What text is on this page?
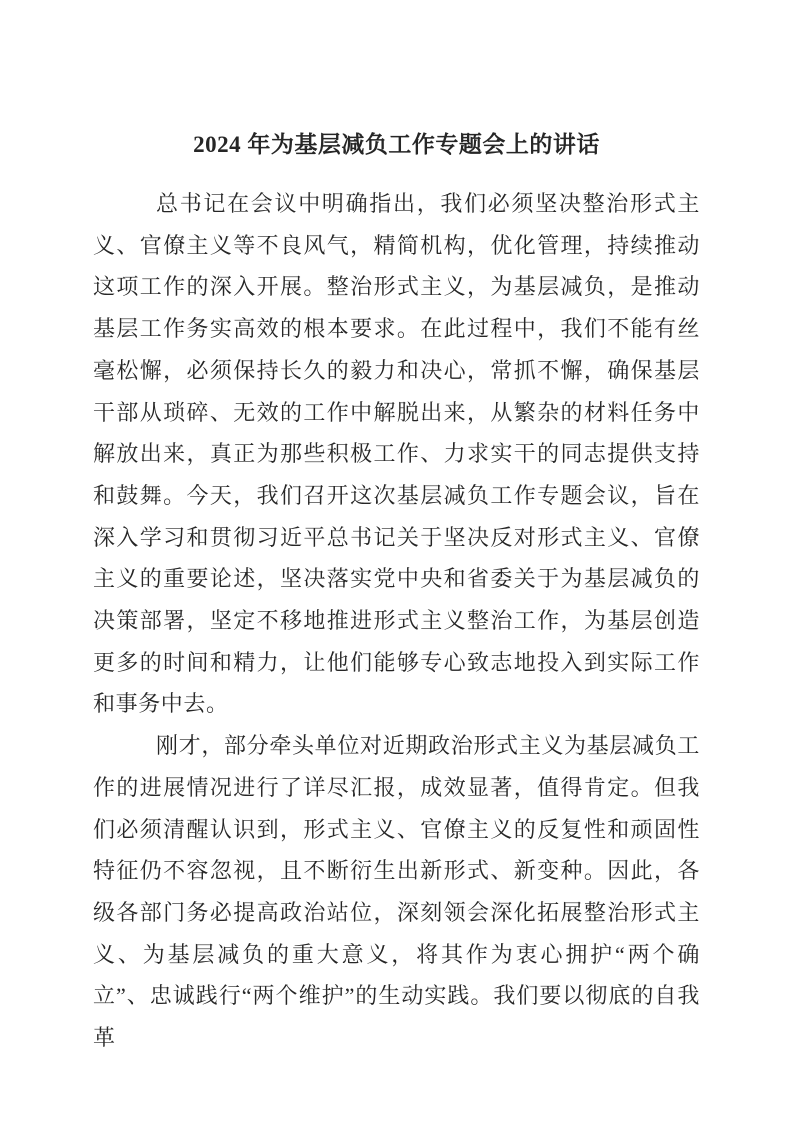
2024 年为基层减负工作专题会上的讲话

总书记在会议中明确指出，我们必须坚决整治形式主义、官僚主义等不良风气，精简机构，优化管理，持续推动这项工作的深入开展。整治形式主义，为基层减负，是推动基层工作务实高效的根本要求。在此过程中，我们不能有丝毫松懈，必须保持长久的毅力和决心，常抓不懈，确保基层干部从琐碎、无效的工作中解脱出来，从繁杂的材料任务中解放出来，真正为那些积极工作、力求实干的同志提供支持和鼓舞。今天，我们召开这次基层减负工作专题会议，旨在深入学习和贯彻习近平总书记关于坚决反对形式主义、官僚主义的重要论述，坚决落实党中央和省委关于为基层减负的决策部署，坚定不移地推进形式主义整治工作，为基层创造更多的时间和精力，让他们能够专心致志地投入到实际工作和事务中去。

刚才，部分牵头单位对近期政治形式主义为基层减负工作的进展情况进行了详尽汇报，成效显著，值得肯定。但我们必须清醒认识到，形式主义、官僚主义的反复性和顽固性特征仍不容忽视，且不断衍生出新形式、新变种。因此，各级各部门务必提高政治站位，深刻领会深化拓展整治形式主义、为基层减负的重大意义，将其作为衷心拥护“两个确立”、忠诚践行“两个维护”的生动实践。我们要以彻底的自我革
